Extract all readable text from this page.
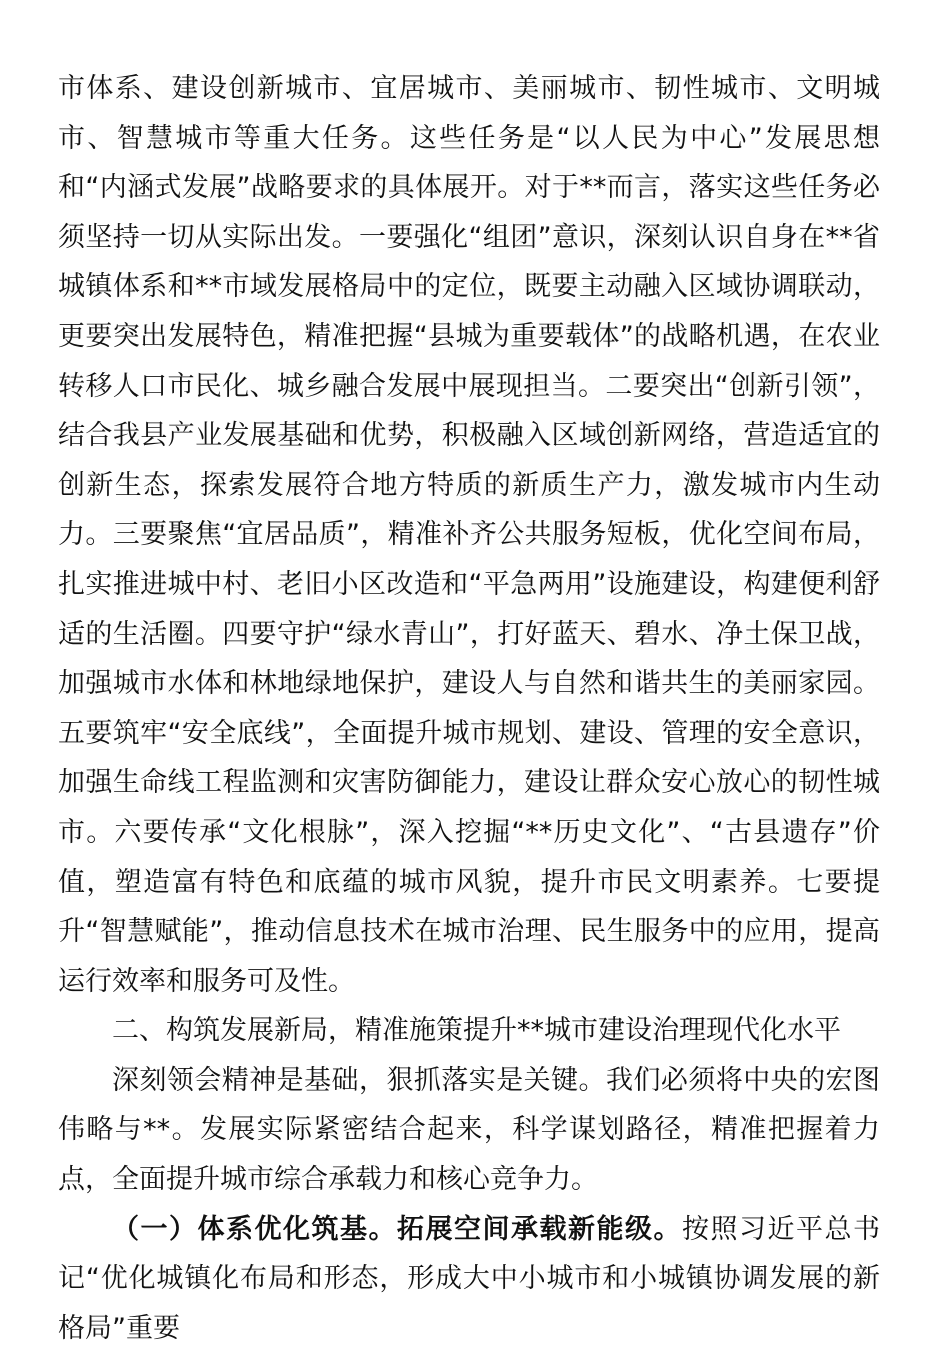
市体系、建设创新城市、宜居城市、美丽城市、韧性城市、文明城市、智慧城市等重大任务。这些任务是“以人民为中心”发展思想和“内涵式发展”战略要求的具体展开。对于**而言，落实这些任务必须坚持一切从实际出发。一要强化“组团”意识，深刻认识自身在**省城镇体系和**市域发展格局中的定位，既要主动融入区域协调联动，更要突出发展特色，精准把握“县城为重要载体”的战略机遇，在农业转移人口市民化、城乡融合发展中展现担当。二要突出“创新引领”，结合我县产业发展基础和优势，积极融入区域创新网络，营造适宜的创新生态，探索发展符合地方特质的新质生产力，激发城市内生动力。三要聚焦“宜居品质”，精准补齐公共服务短板，优化空间布局，扎实推进城中村、老旧小区改造和“平急两用”设施建设，构建便利舒适的生活圈。四要守护“绿水青山”，打好蓝天、碧水、净土保卫战，加强城市水体和林地绿地保护，建设人与自然和谐共生的美丽家园。五要筑牢“安全底线”，全面提升城市规划、建设、管理的安全意识，加强生命线工程监测和灾害防御能力，建设让群众安心放心的韧性城市。六要传承“文化根脉”，深入挖掘“**历史文化”、“古县遗存”价值，塑造富有特色和底蕴的城市风貌，提升市民文明素养。七要提升“智慧赋能”，推动信息技术在城市治理、民生服务中的应用，提高运行效率和服务可及性。

二、构筑发展新局，精准施策提升**城市建设治理现代化水平

深刻领会精神是基础，狠抓落实是关键。我们必须将中央的宏图伟略与**。发展实际紧密结合起来，科学谋划路径，精准把握着力点，全面提升城市综合承载力和核心竞争力。

（一）体系优化筑基。拓展空间承载新能级。按照习近平总书记“优化城镇化布局和形态，形成大中小城市和小城镇协调发展的新格局”重要
